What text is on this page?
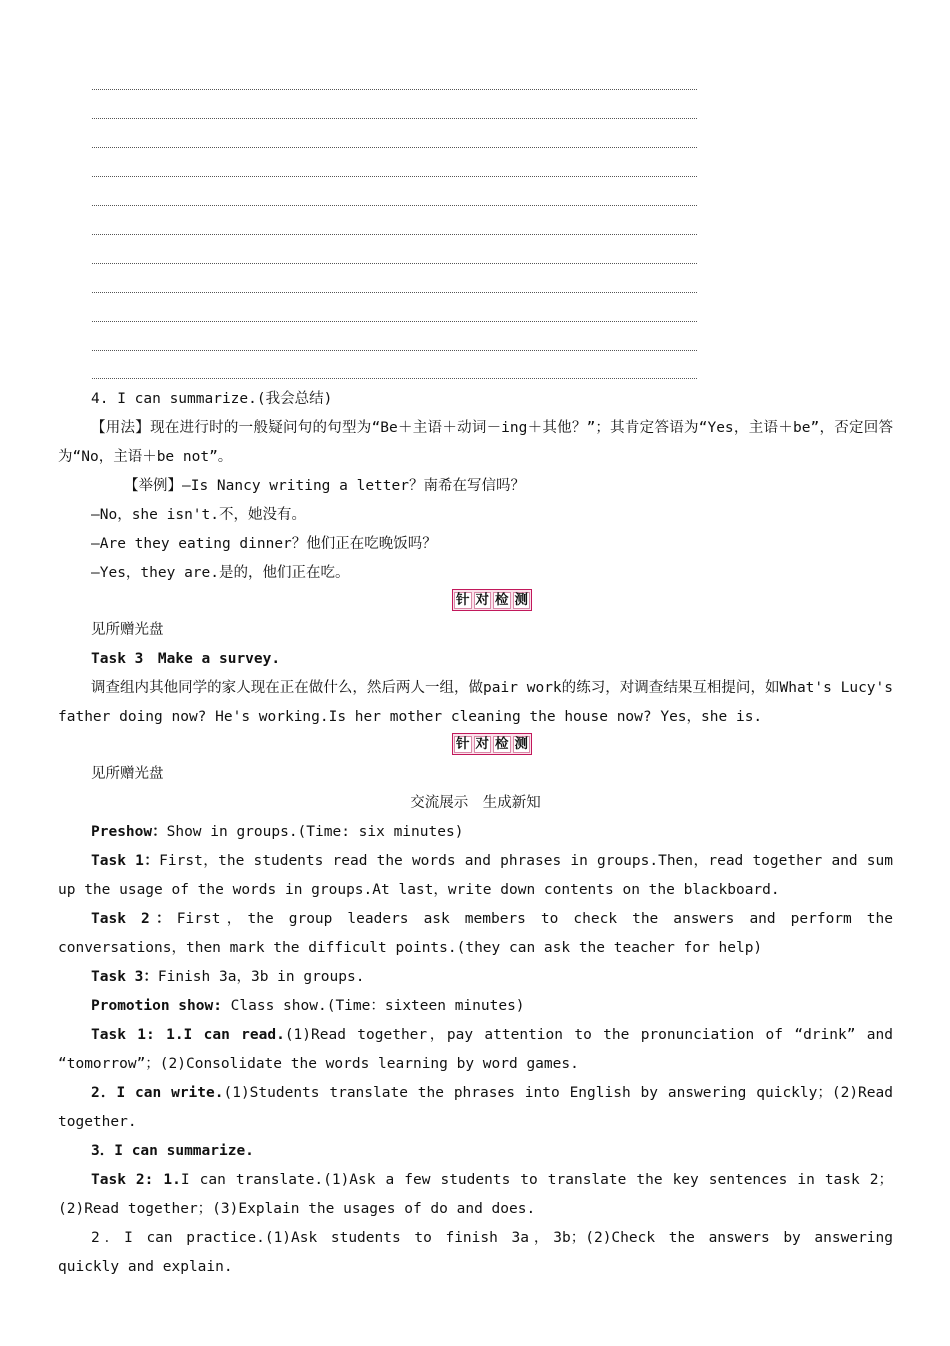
4. I can summarize.(我会总结)
【用法】现在进行时的一般疑问句的句型为“Be＋主语＋动词－ing＋其他？”；其肯定答语为“Yes，主语＋be”，否定回答为“No，主语＋be not”。
【举例】—Is Nancy writing a letter？南希在写信吗？
—No，she isn't.不，她没有。
—Are they eating dinner？他们正在吃晚饭吗？
—Yes，they are.是的，他们正在吃。
针 对 检 测
见所赠光盘
Task 3　Make a survey.
调查组内其他同学的家人现在正在做什么，然后两人一组，做pair work的练习，对调查结果互相提问，如What's Lucy's father doing now? He's working.Is her mother cleaning the house now? Yes，she is.
针 对 检 测
见所赠光盘
交流展示　生成新知
Preshow：Show in groups.(Time: six minutes)
Task 1：First，the students read the words and phrases in groups.Then，read together and sum up the usage of the words in groups.At last，write down contents on the blackboard.
Task 2：First，the group leaders ask members to check the answers and perform the conversations，then mark the difficult points.(they can ask the teacher for help)
Task 3：Finish 3a，3b in groups.
Promotion show: Class show.(Time：sixteen minutes)
Task 1: 1.I can read.(1)Read together，pay attention to the pronunciation of “drink” and “tomorrow”；(2)Consolidate the words learning by word games.
2．I can write.(1)Students translate the phrases into English by answering quickly；(2)Read together.
3．I can summarize.
Task 2: 1.I can translate.(1)Ask a few students to translate the key sentences in task 2；(2)Read together；(3)Explain the usages of do and does.
2．I can practice.(1)Ask students to finish 3a，3b；(2)Check the answers by answering quickly and explain.
